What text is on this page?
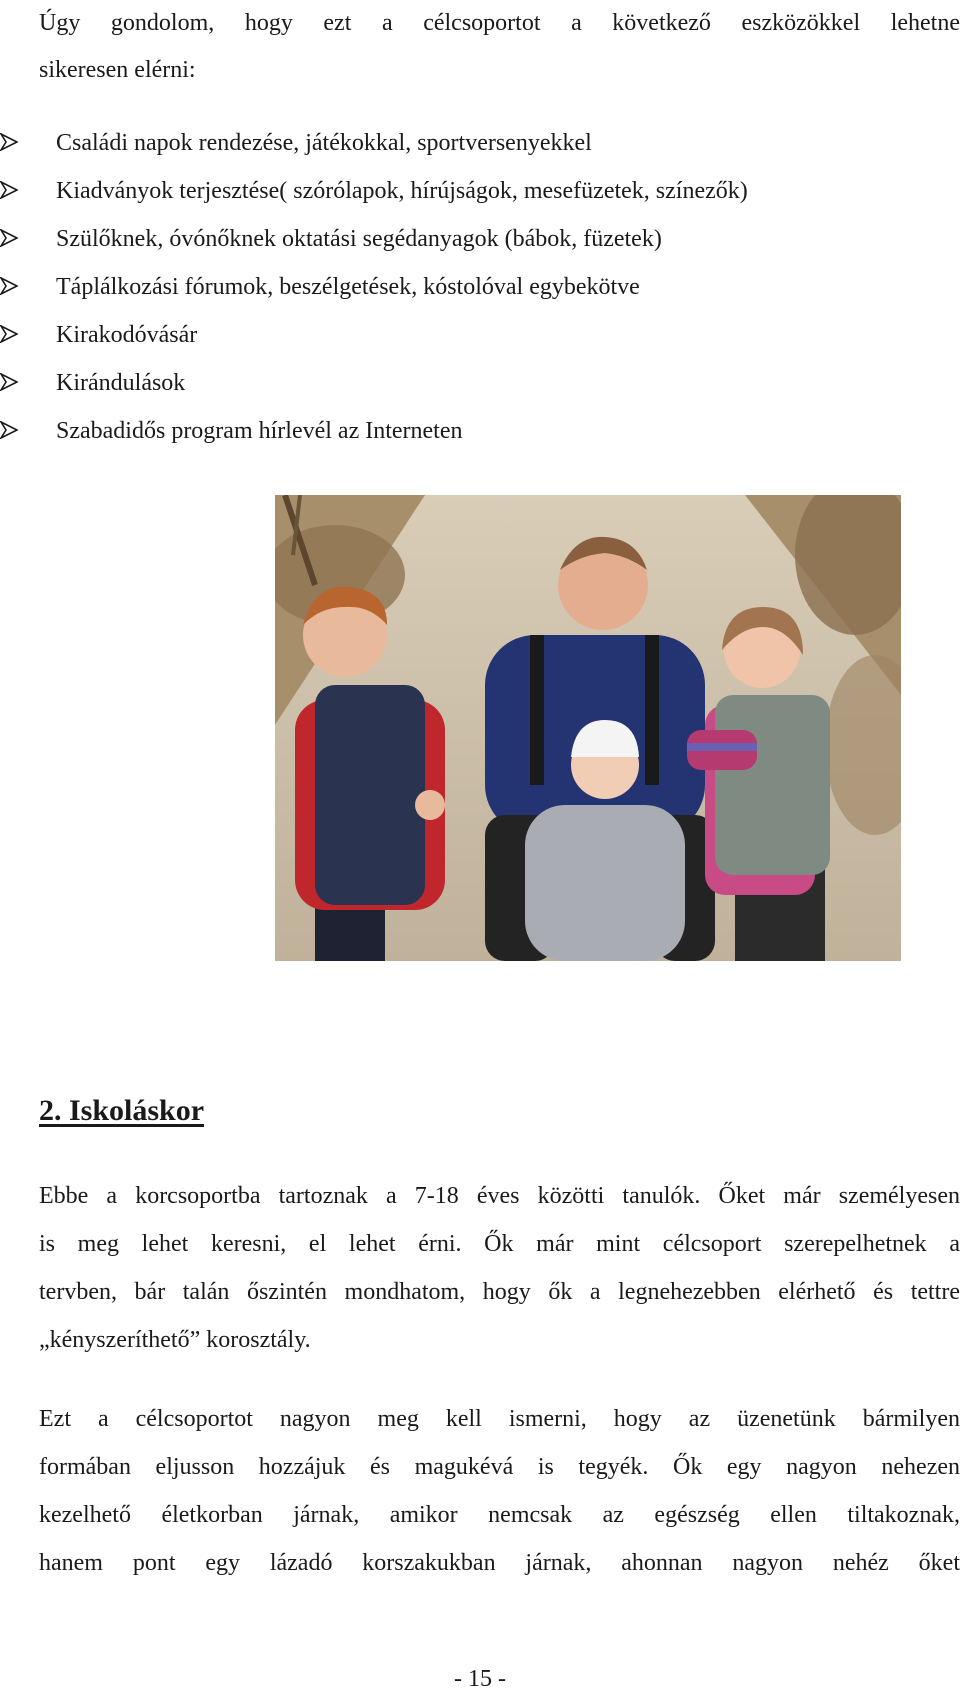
Úgy gondolom, hogy ezt a célcsoportot a következő eszközökkel lehetne
sikeresen elérni:
Családi napok rendezése, játékokkal, sportversenyekkel
Kiadványok terjesztése( szórólapok, hírújságok, mesefüzetek, színezők)
Szülőknek, óvónőknek oktatási segédanyagok (bábok, füzetek)
Táplálkozási fórumok, beszélgetések, kóstolóval egybekötve
Kirakodóvásár
Kirándulások
Szabadidős program hírlevél az Interneten
2. Iskoláskor

Ebbe a korcsoportba tartoznak a 7-18 éves közötti tanulók. Őket már személyesen
is meg lehet keresni, el lehet érni. Ők már mint célcsoport szerepelhetnek a
tervben, bár talán őszintén mondhatom, hogy ők a legnehezebben elérhető és tettre
„kényszeríthető” korosztály.

Ezt a célcsoportot nagyon meg kell ismerni, hogy az üzenetünk bármilyen
formában eljusson hozzájuk és magukévá is tegyék. Ők egy nagyon nehezen
kezelhető életkorban járnak, amikor nemcsak az egészség ellen tiltakoznak,
hanem pont egy lázadó korszakukban járnak, ahonnan nagyon nehéz őket

- 15 -
